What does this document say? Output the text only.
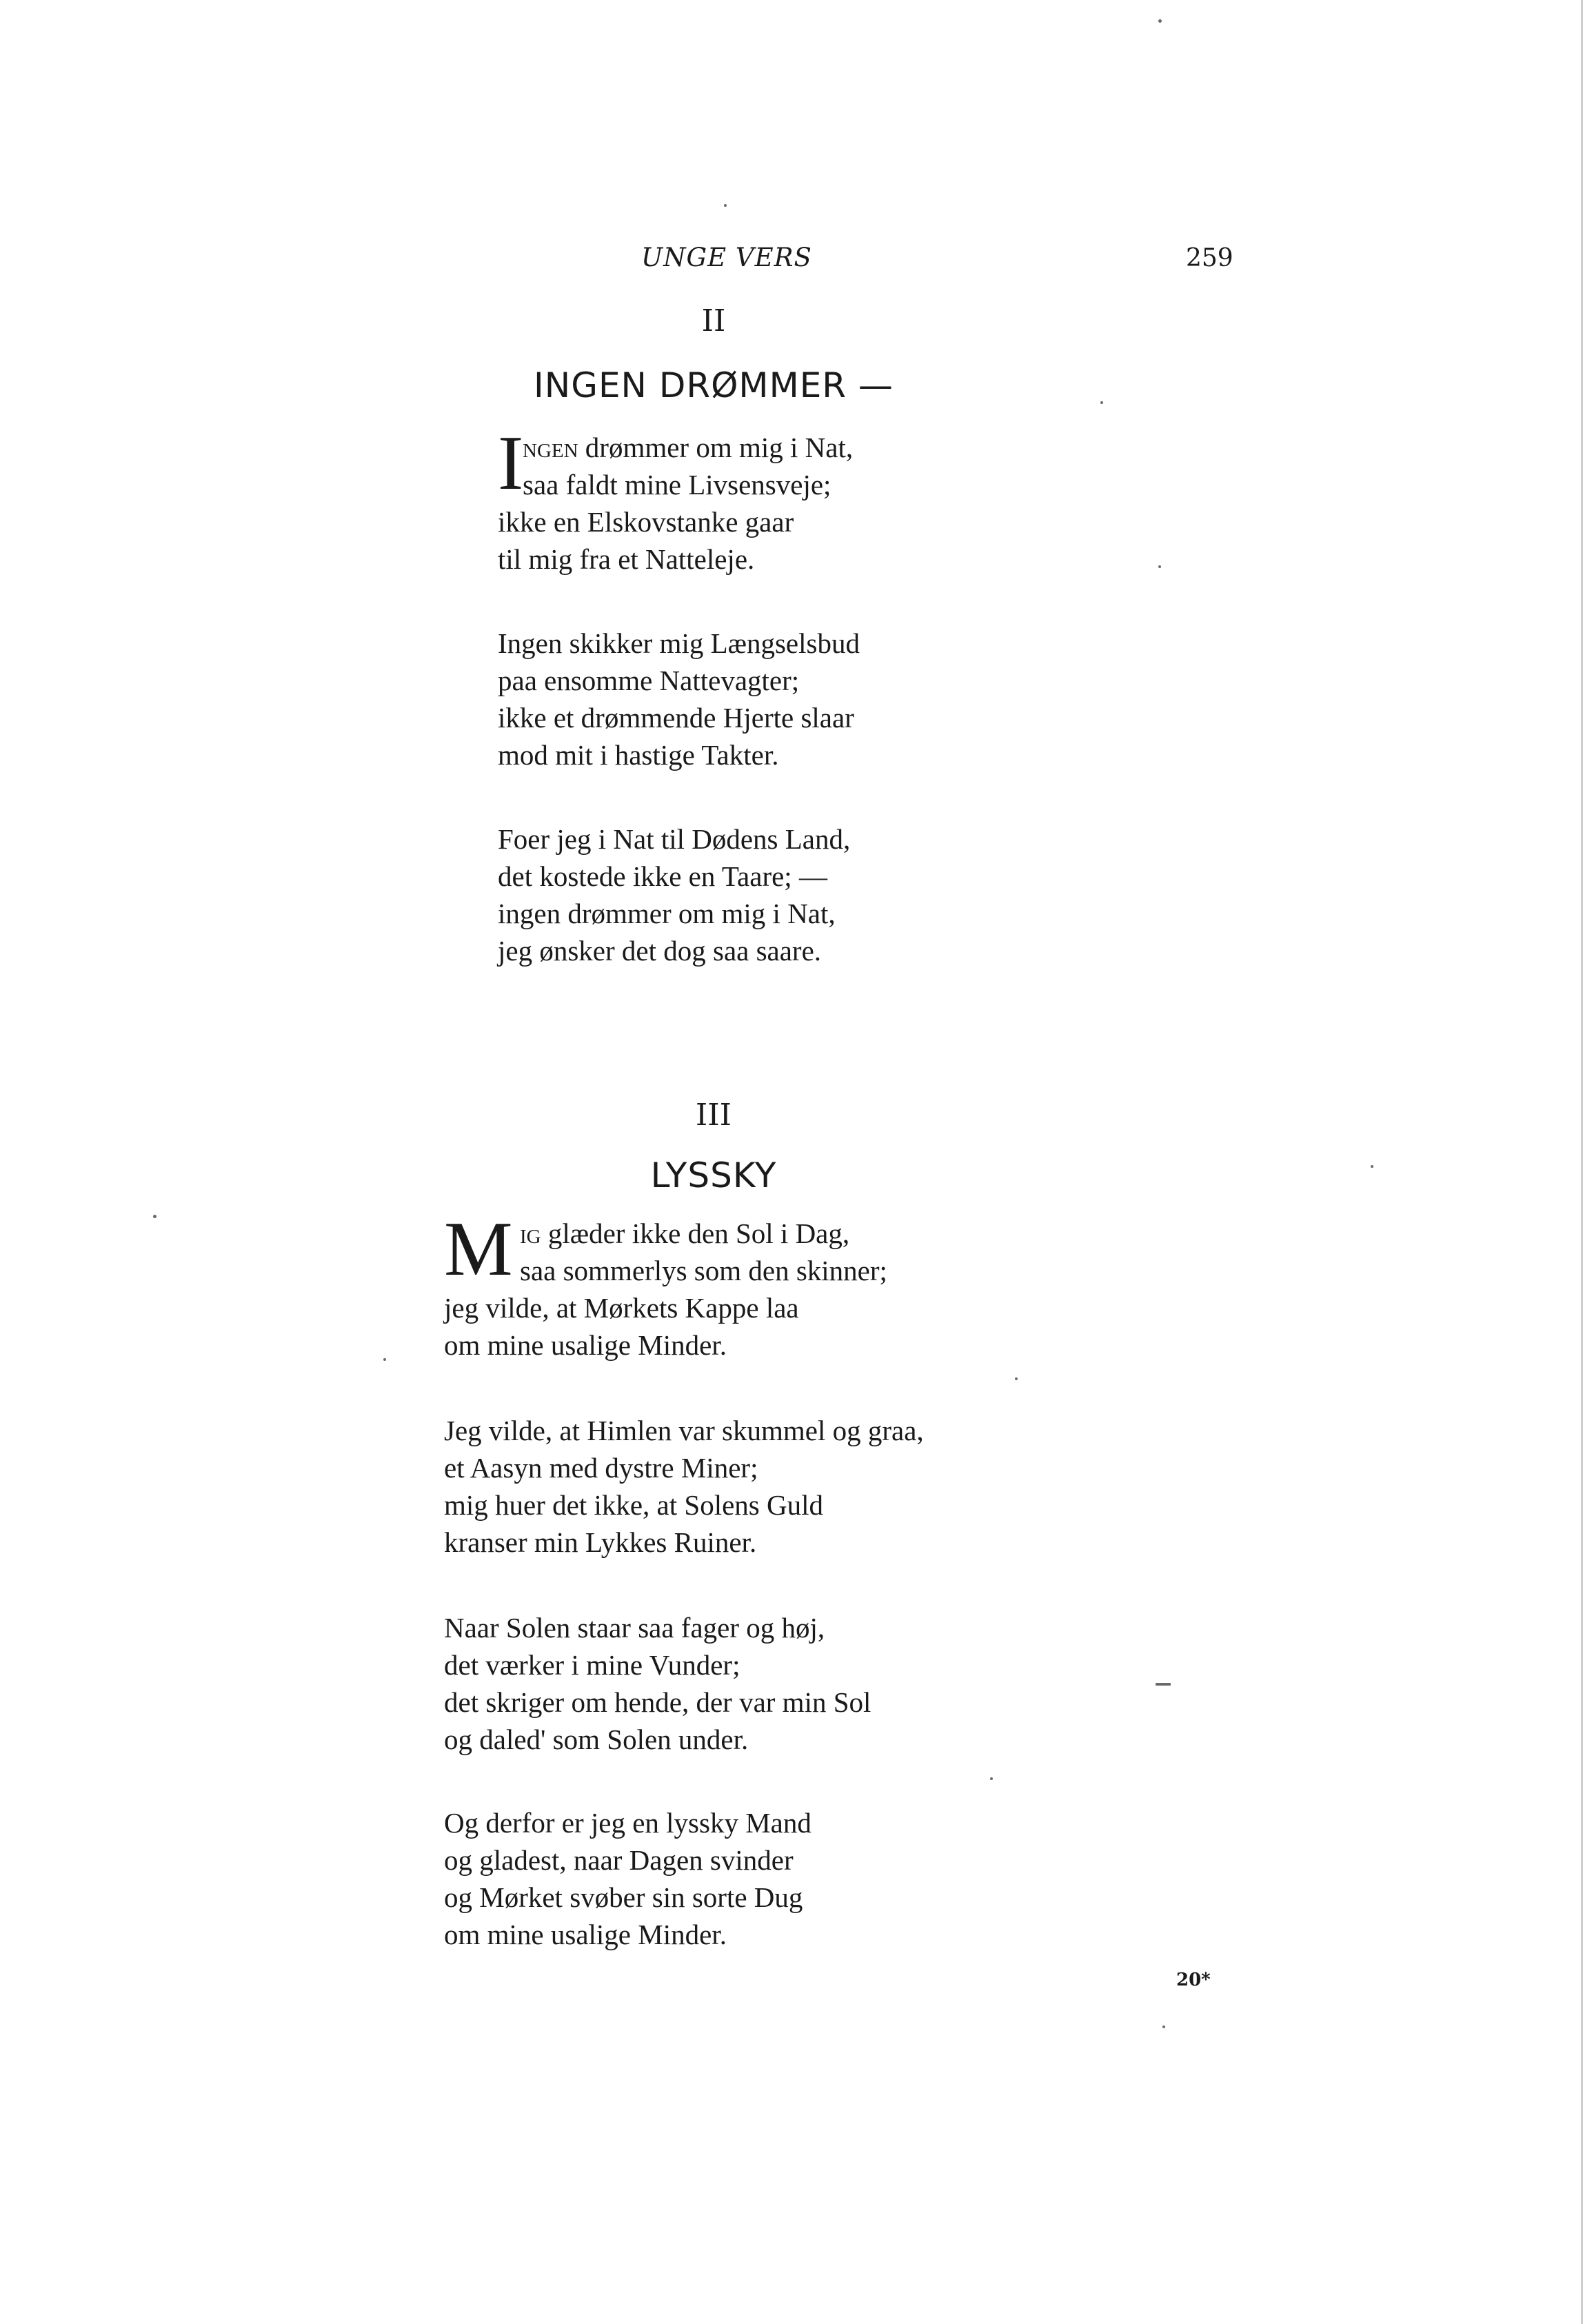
UNGE VERS	259
II
INGEN DRØMMER —
I
ngen drømmer om mig i Nat,
saa faldt mine Livsensveje;
ikke en Elskovstanke gaar
til mig fra et Natteleje.
Ingen skikker mig Længselsbud
paa ensomme Nattevagter;
ikke et drømmende Hjerte slaar
mod mit i hastige Takter.
Foer jeg i Nat til Dødens Land,
det kostede ikke en Taare; —
ingen drømmer om mig i Nat,
jeg ønsker det dog saa saare.
III
LYSSKY
M ig glæder ikke den Sol i Dag,
saa sommerlys som den skinner;
jeg vilde, at Mørkets Kappe laa
om mine usalige Minder.
Jeg vilde, at Himlen var skummel og graa,
et Aasyn med dystre Miner;
mig huer det ikke, at Solens Guld
kranser min Lykkes Ruiner.
Naar Solen staar saa fager og høj,
det værker i mine Vunder;
det skriger om hende, der var min Sol
og daled' som Solen under.
Og derfor er jeg en lyssky Mand
og gladest, naar Dagen svinder
og Mørket svøber sin sorte Dug
om mine usalige Minder.
20*
